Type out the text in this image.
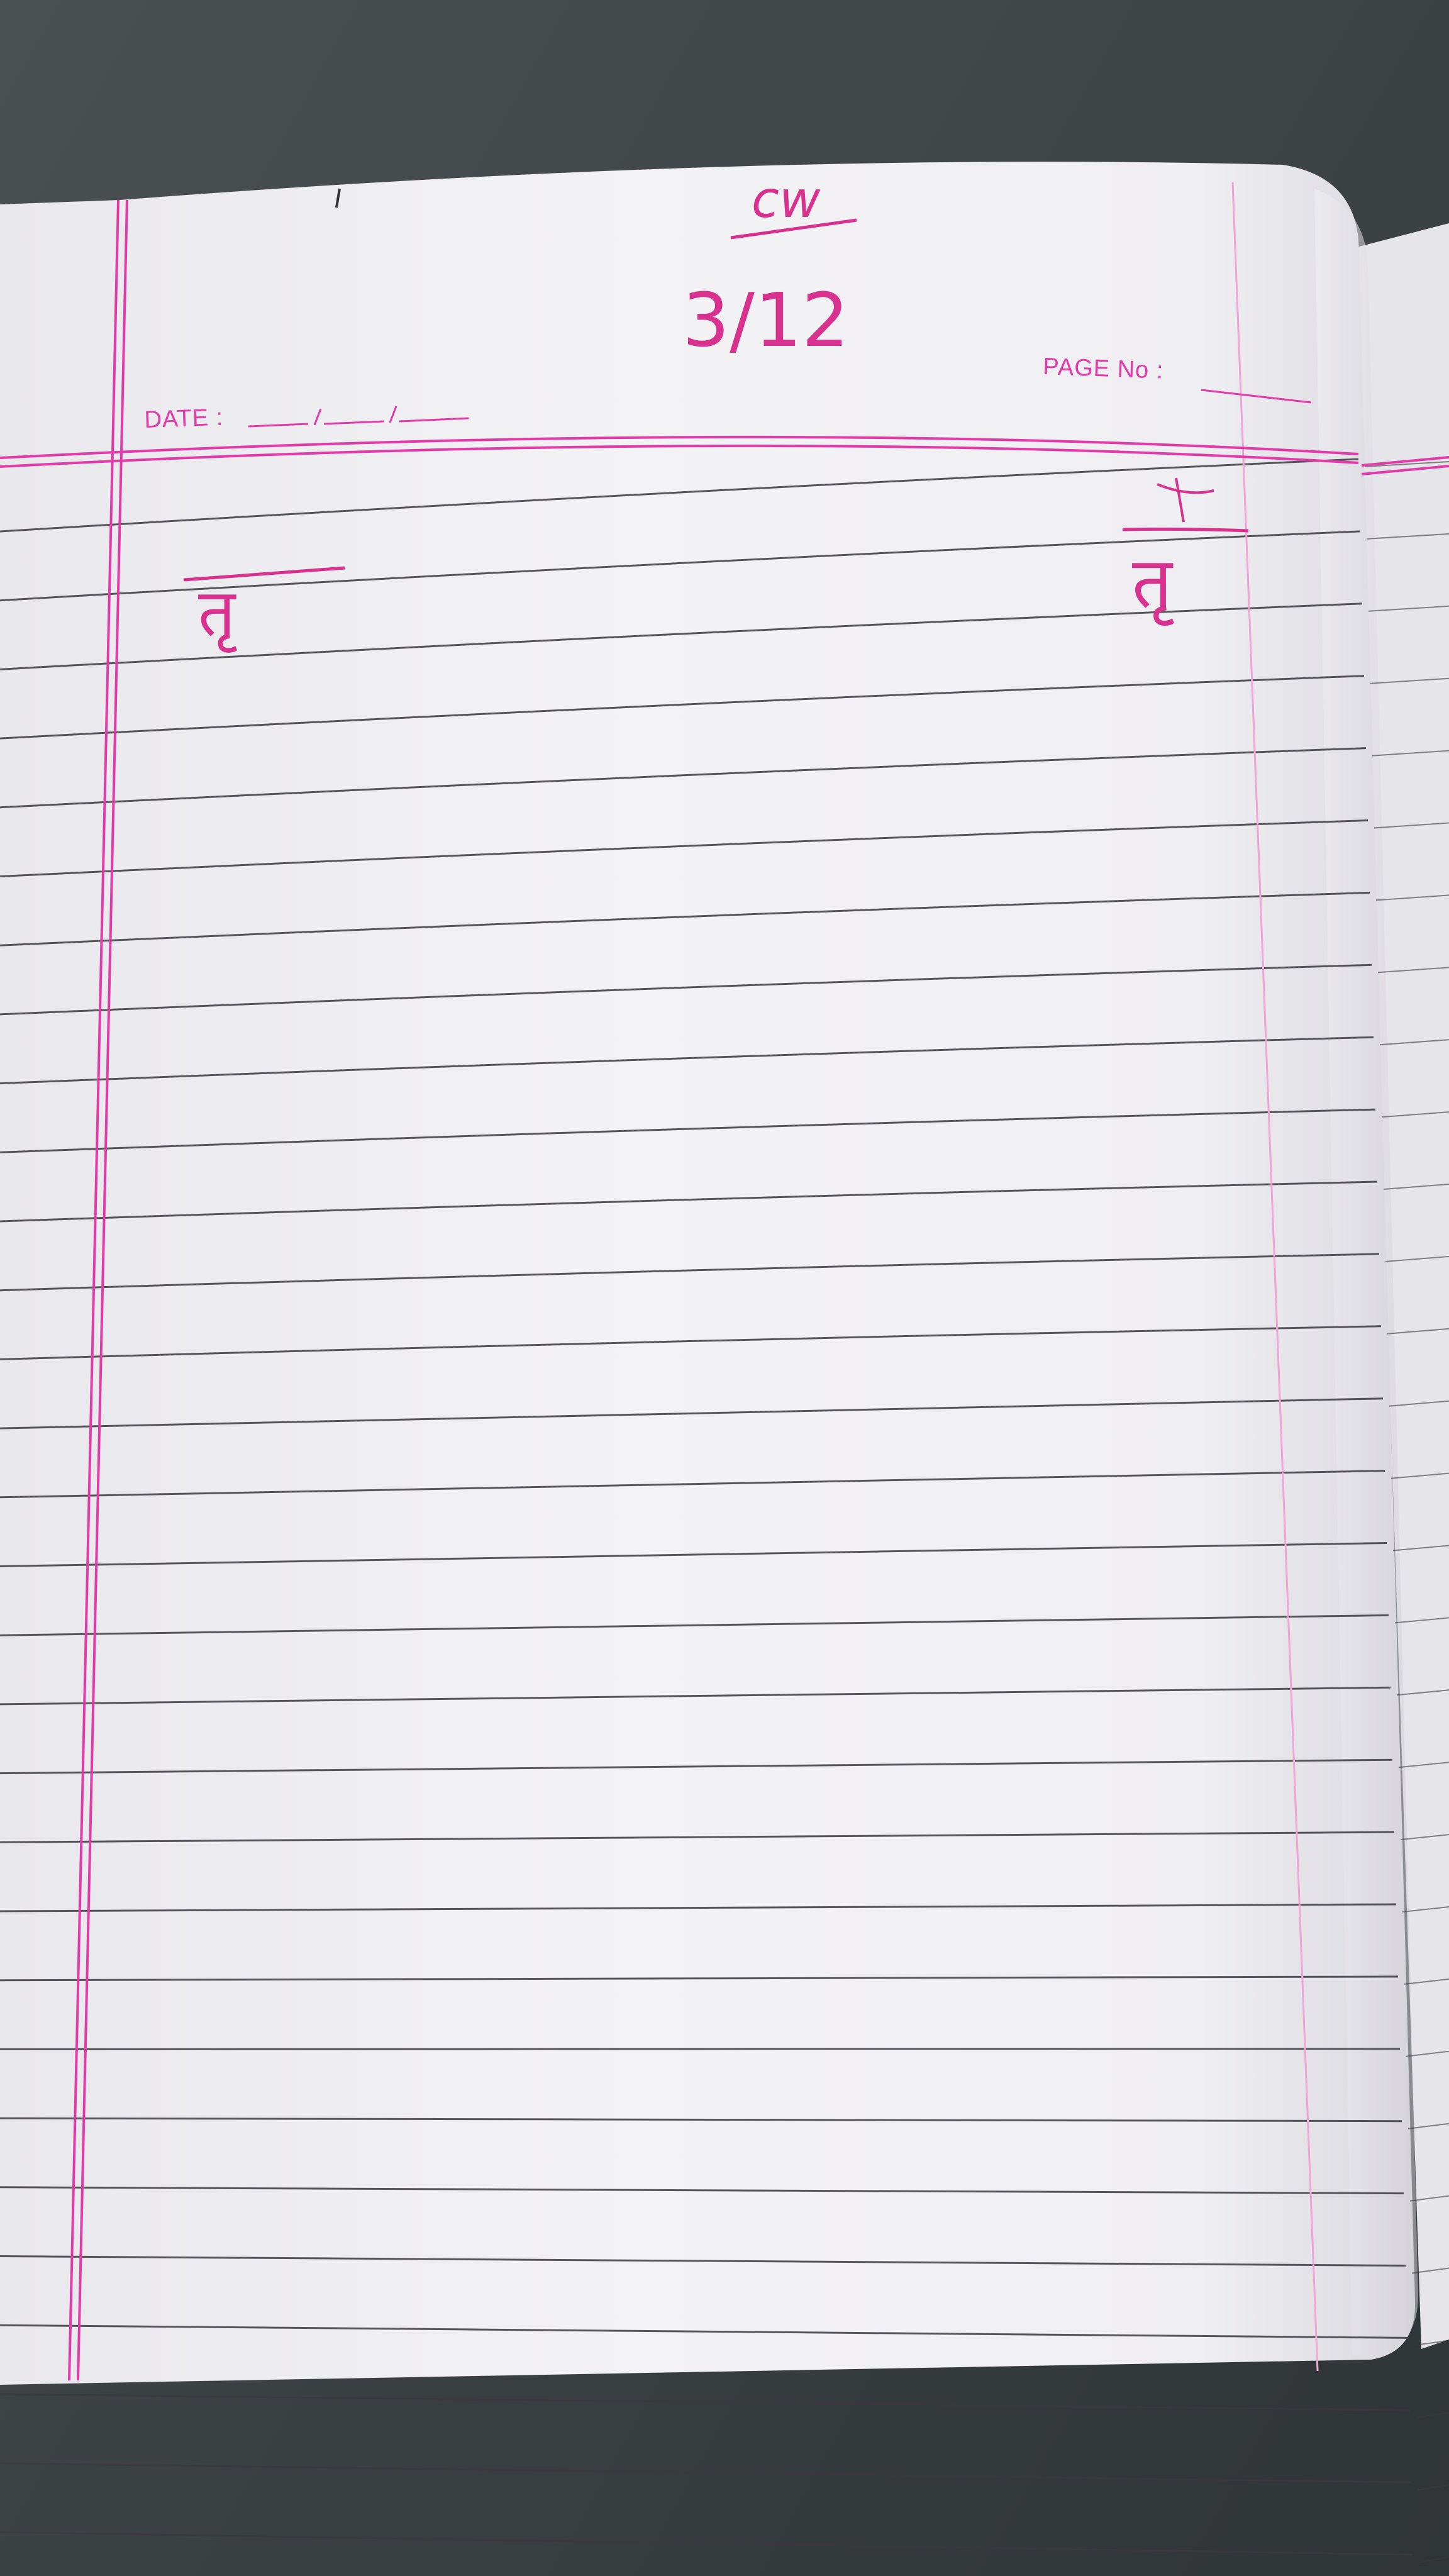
DATE :
PAGE No :
cw
3/12
तृ	तृ
